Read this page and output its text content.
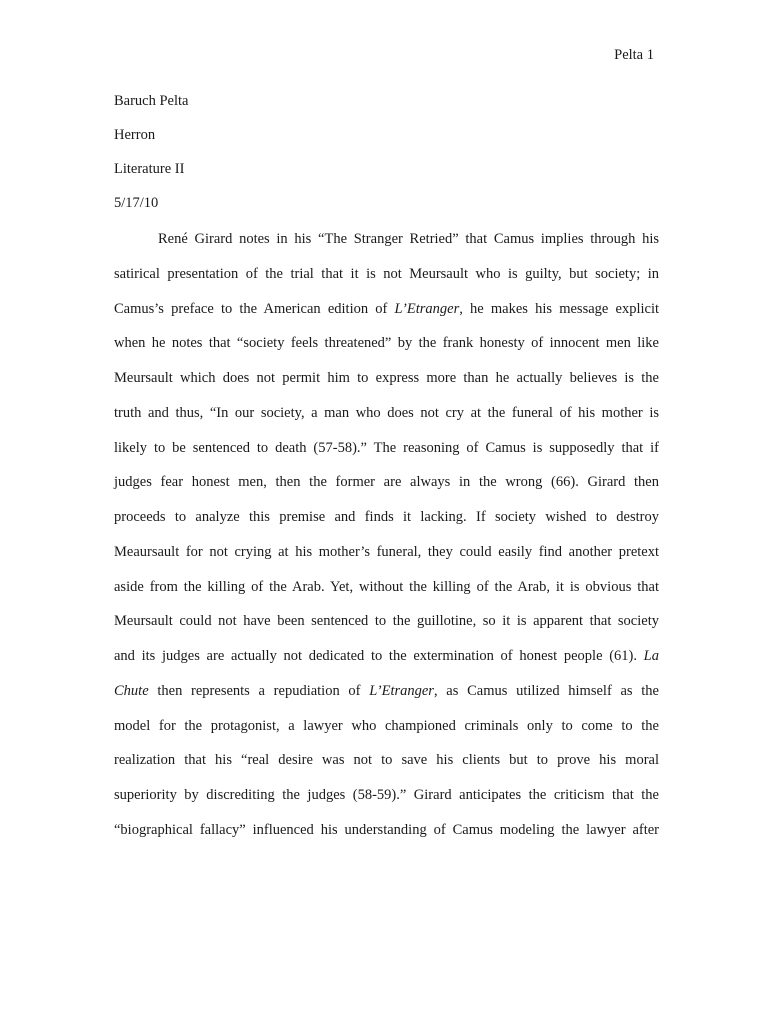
Pelta 1
Baruch Pelta
Herron
Literature II
5/17/10
René Girard notes in his “The Stranger Retried” that Camus implies through his
satirical presentation of the trial that it is not Meursault who is guilty, but society; in
Camus’s preface to the American edition of L’Etranger, he makes his message explicit
when he notes that “society feels threatened” by the frank honesty of innocent men like
Meursault which does not permit him to express more than he actually believes is the
truth and thus, “In our society, a man who does not cry at the funeral of his mother is
likely to be sentenced to death (57-58).” The reasoning of Camus is supposedly that if
judges fear honest men, then the former are always in the wrong (66). Girard then
proceeds to analyze this premise and finds it lacking. If society wished to destroy
Meaursault for not crying at his mother’s funeral, they could easily find another pretext
aside from the killing of the Arab. Yet, without the killing of the Arab, it is obvious that
Meursault could not have been sentenced to the guillotine, so it is apparent that society
and its judges are actually not dedicated to the extermination of honest people (61). La
Chute then represents a repudiation of L’Etranger, as Camus utilized himself as the
model for the protagonist, a lawyer who championed criminals only to come to the
realization that his “real desire was not to save his clients but to prove his moral
superiority by discrediting the judges (58-59).” Girard anticipates the criticism that the
“biographical fallacy” influenced his understanding of Camus modeling the lawyer after
